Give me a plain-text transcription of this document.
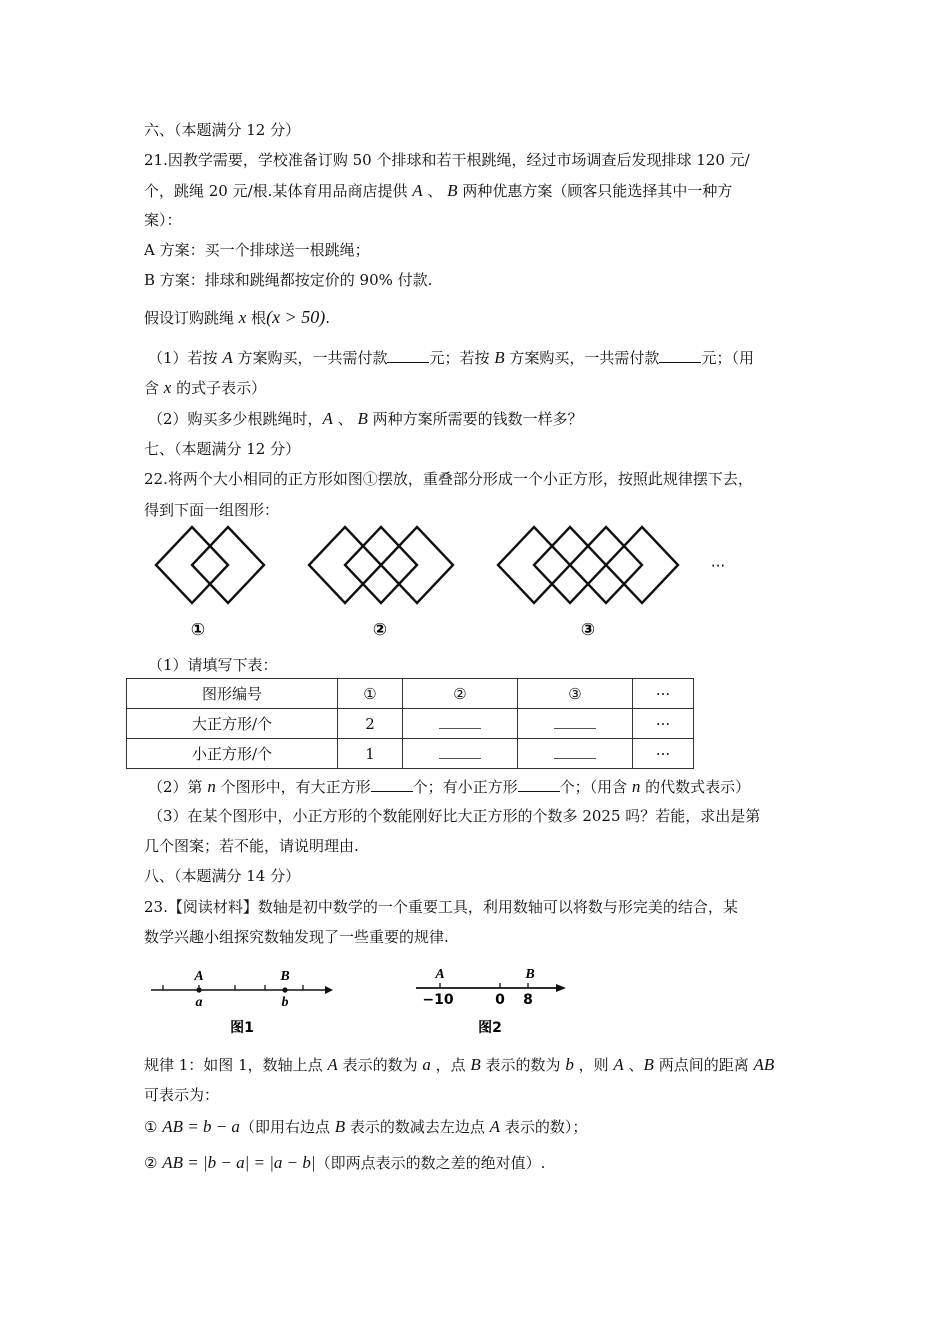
六、（本题满分 12 分）
21.因教学需要，学校准备订购 50 个排球和若干根跳绳，经过市场调查后发现排球 120 元/
个，跳绳 20 元/根.某体育用品商店提供 A 、 B 两种优惠方案（顾客只能选择其中一种方
案）：
A 方案：买一个排球送一根跳绳；
B 方案：排球和跳绳都按定价的 90% 付款.
假设订购跳绳 x 根(x > 50).
（1）若按 A 方案购买，一共需付款	元；若按 B 方案购买，一共需付款	元；（用
含 x 的式子表示）
（2）购买多少根跳绳时，A 、 B 两种方案所需要的钱数一样多？
七、（本题满分 12 分）
22.将两个大小相同的正方形如图①摆放，重叠部分形成一个小正方形，按照此规律摆下去，
得到下面一组图形：
①	②	③
···
（1）请填写下表：
图形编号	①	②	③	···
大正方形/个	2			···
小正方形/个	1			···
（2）第 n 个图形中，有大正方形	个；有小正方形	个；（用含 n 的代数式表示）
（3）在某个图形中，小正方形的个数能刚好比大正方形的个数多 2025 吗？若能，求出是第
几个图案；若不能，请说明理由.
八、（本题满分 14 分）
23.【阅读材料】数轴是初中数学的一个重要工具，利用数轴可以将数与形完美的结合，某
数学兴趣小组探究数轴发现了一些重要的规律.
A	B
a	b
图1
A	B
−10	0 8
图2
规律 1：如图 1，数轴上点 A 表示的数为 a ，点 B 表示的数为 b ，则 A 、B 两点间的距离 AB
可表示为：
① AB = b − a（即用右边点 B 表示的数减去左边点 A 表示的数）；
② AB = |b − a| = |a − b|（即两点表示的数之差的绝对值）.
